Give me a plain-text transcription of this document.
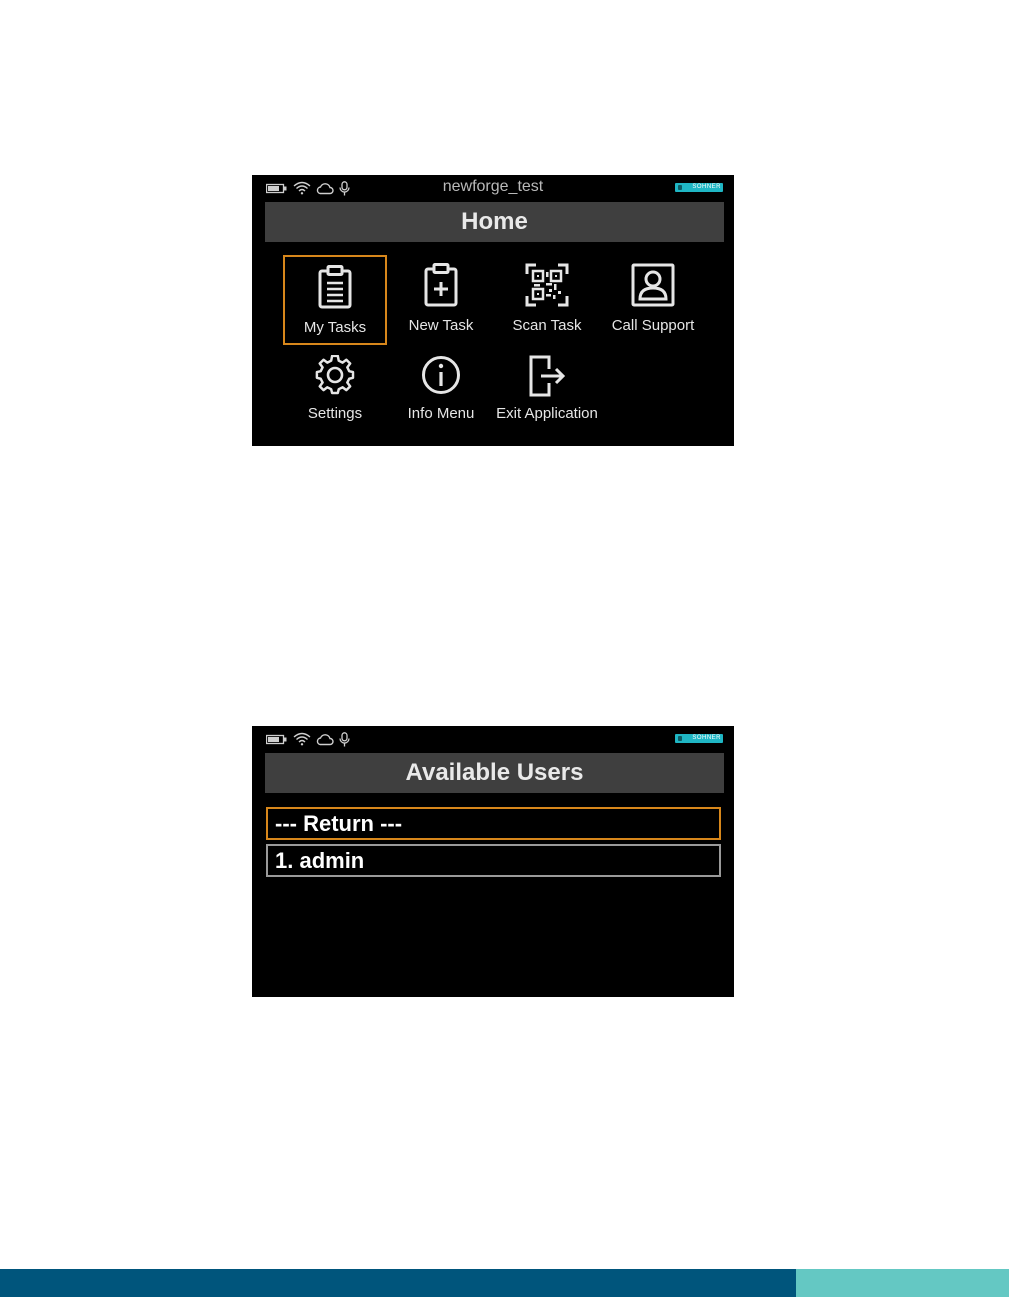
newforge_test	SOHNER
Home
My Tasks	New Task	Scan Task	Call Support
Settings	Info Menu	Exit Application
SOHNER
Available Users
--- Return ---
1. admin
